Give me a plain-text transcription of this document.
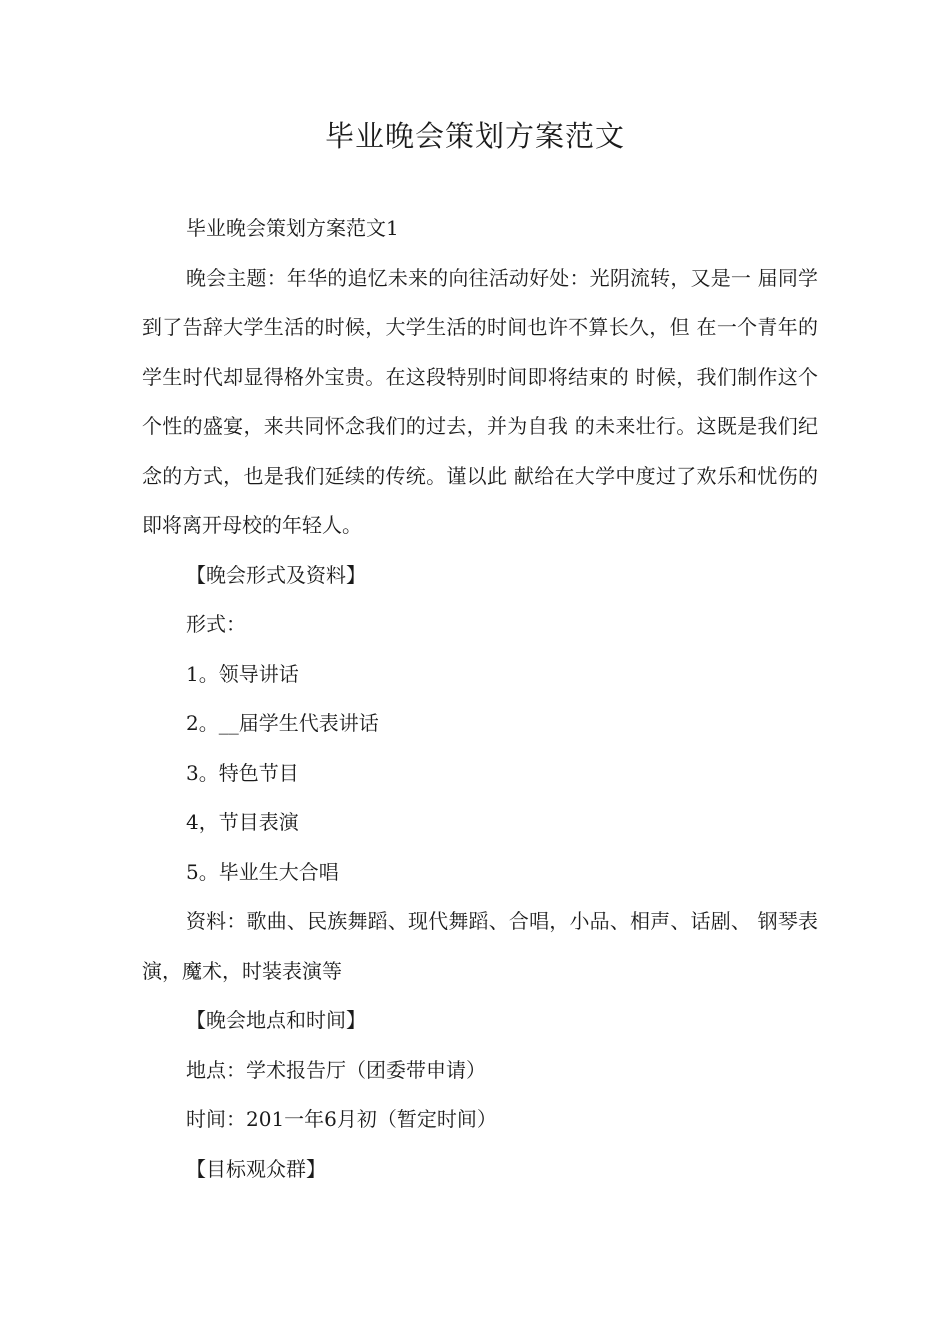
毕业晚会策划方案范文

毕业晚会策划方案范文1

晚会主题：年华的追忆未来的向往活动好处：光阴流转，又是一 届同学到了告辞大学生活的时候，大学生活的时间也许不算长久，但 在一个青年的学生时代却显得格外宝贵。在这段特别时间即将结束的 时候，我们制作这个个性的盛宴，来共同怀念我们的过去，并为自我 的未来壮行。这既是我们纪念的方式，也是我们延续的传统。谨以此 献给在大学中度过了欢乐和忧伤的即将离开母校的年轻人。

【晚会形式及资料】

形式：

1。领导讲话

2。__届学生代表讲话

3。特色节目

4，节目表演

5。毕业生大合唱

资料：歌曲、民族舞蹈、现代舞蹈、合唱，小品、相声、话剧、 钢琴表演，魔术，时装表演等

【晚会地点和时间】

地点：学术报告厅（团委带申请）

时间：201一年6月初（暂定时间）

【目标观众群】
